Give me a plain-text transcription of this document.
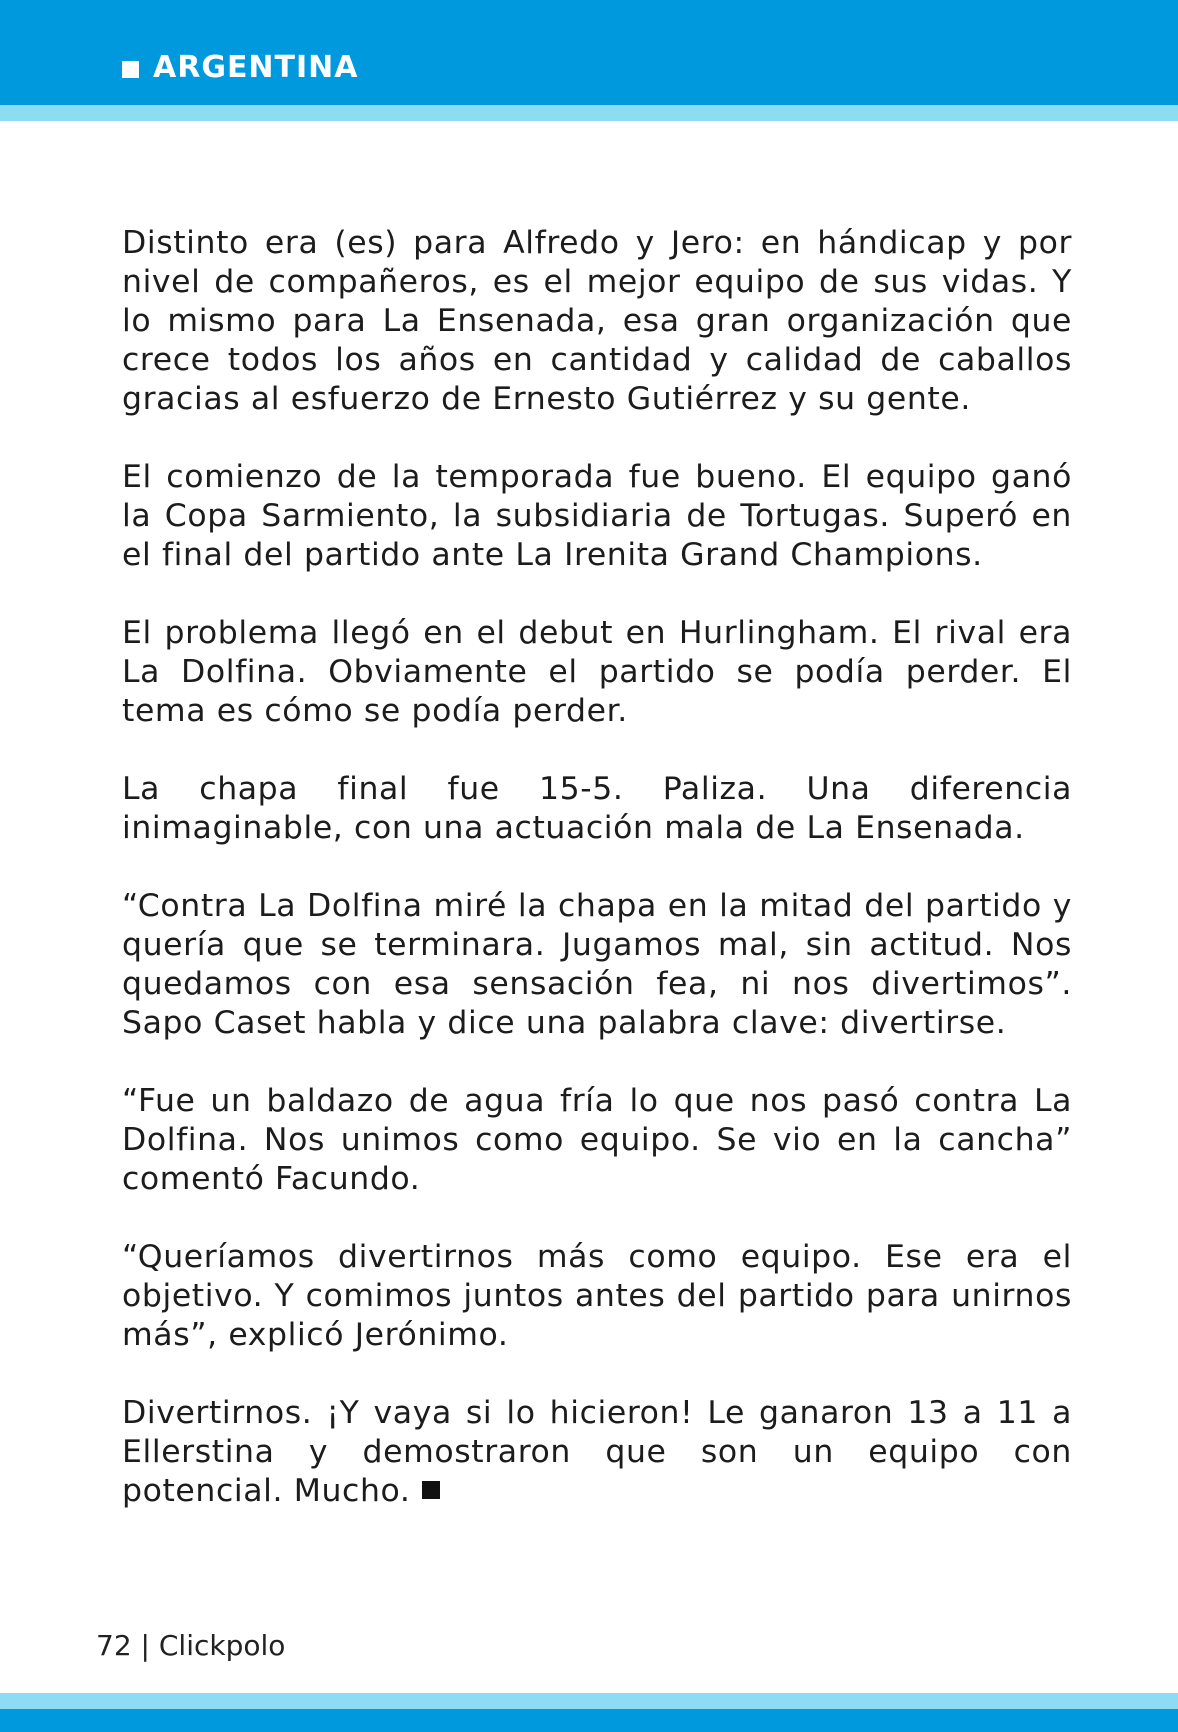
ARGENTINA

Distinto era (es) para Alfredo y Jero: en hándicap y por nivel de compañeros, es el mejor equipo de sus vidas. Y lo mismo para La Ensenada, esa gran organización que crece todos los años en cantidad y calidad de caballos gracias al esfuerzo de Ernesto Gutiérrez y su gente.

El comienzo de la temporada fue bueno. El equipo ganó la Copa Sarmiento, la subsidiaria de Tortugas. Superó en el final del partido ante La Irenita Grand Champions.

El problema llegó en el debut en Hurlingham. El rival era La Dolfina. Obviamente el partido se podía perder. El tema es cómo se podía perder.

La chapa final fue 15-5. Paliza. Una diferencia inimaginable, con una actuación mala de La Ensenada.

“Contra La Dolfina miré la chapa en la mitad del partido y quería que se terminara. Jugamos mal, sin actitud. Nos quedamos con esa sensación fea, ni nos divertimos”. Sapo Caset habla y dice una palabra clave: divertirse.

“Fue un baldazo de agua fría lo que nos pasó contra La Dolfina. Nos unimos como equipo. Se vio en la cancha” comentó Facundo.

“Queríamos divertirnos más como equipo. Ese era el objetivo. Y comimos juntos antes del partido para unirnos más”, explicó Jerónimo.

Divertirnos. ¡Y vaya si lo hicieron! Le ganaron 13 a 11 a Ellerstina y demostraron que son un equipo con potencial. Mucho.

72 | Clickpolo
